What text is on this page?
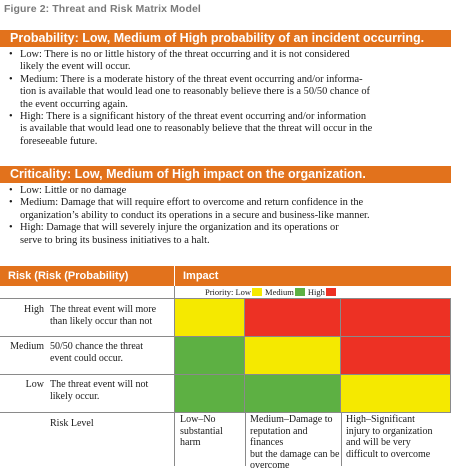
Figure 2: Threat and Risk Matrix Model
Probability: Low, Medium of High probability of an incident occurring.
• Low: There is no or little history of the threat occurring and it is not considered
likely the event will occur.
• Medium: There is a moderate history of the threat event occurring and/or informa-
tion is available that would lead one to reasonably believe there is a 50/50 chance of
the event occurring again.
• High: There is a significant history of the threat event occurring and/or information
is available that would lead one to reasonably believe that the threat will occur in the
foreseeable future.
Criticality: Low, Medium of High impact on the organization.
• Low: Little or no damage
• Medium: Damage that will require effort to overcome and return confidence in the
organization’s ability to conduct its operations in a secure and business-like manner.
• High: Damage that will severely injure the organization and its operations or
serve to bring its business initiatives to a halt.
Risk (Risk (Probability)	Impact
Priority: Low Medium High
High The threat event will more
than likely occur than not
Medium 50/50 chance the threat
event could occur.
Low The threat event will not
likely occur.
Risk Level	Low–No
substantial
harm
Medium–Damage to
reputation and finances
but the damage can be
overcome
High–Significant
injury to organization
and will be very
difficult to overcome
